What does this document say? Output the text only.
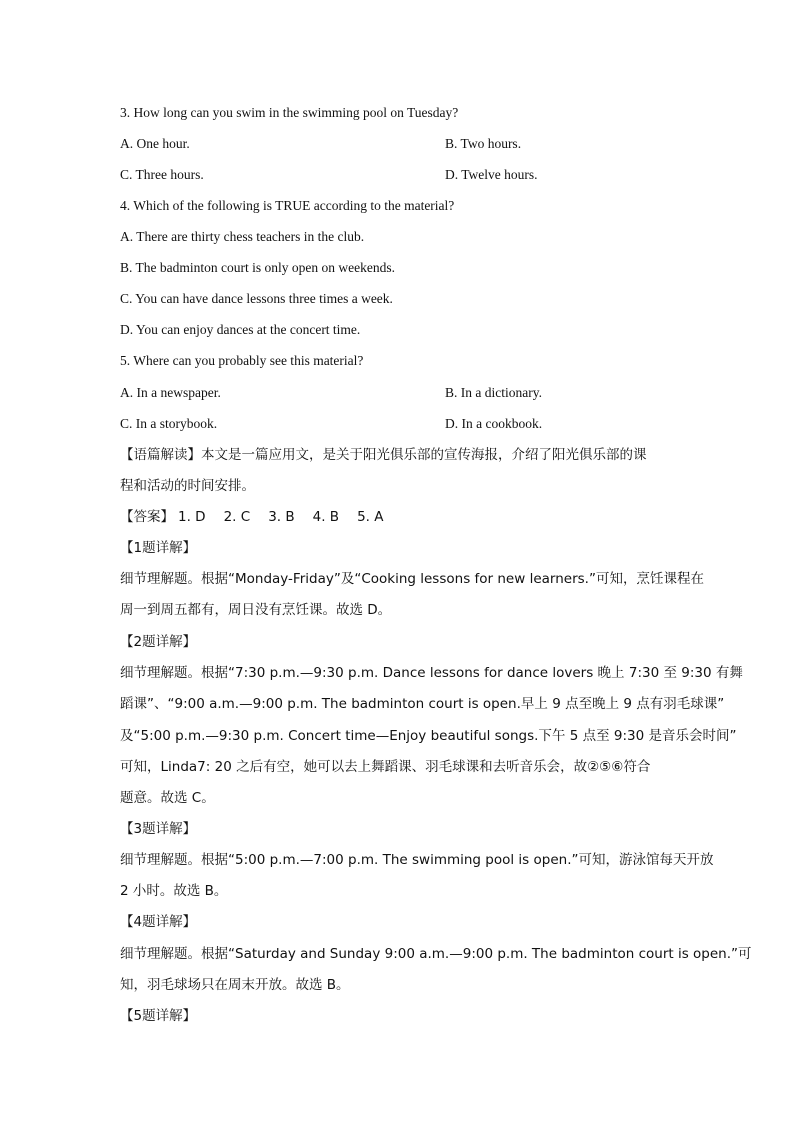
3. How long can you swim in the swimming pool on Tuesday?
A. One hour.	B. Two hours.
C. Three hours.	D. Twelve hours.
4. Which of the following is TRUE according to the material?
A. There are thirty chess teachers in the club.
B. The badminton court is only open on weekends.
C. You can have dance lessons three times a week.
D. You can enjoy dances at the concert time.
5. Where can you probably see this material?
A. In a newspaper.	B. In a dictionary.
C. In a storybook.	D. In a cookbook.
【语篇解读】本文是一篇应用文，是关于阳光俱乐部的宣传海报，介绍了阳光俱乐部的课
程和活动的时间安排。
【答案】 1. D 2. C 3. B 4. B 5. A
【1题详解】
细节理解题。根据“Monday-Friday”及“Cooking lessons for new learners.”可知，烹饪课程在
周一到周五都有，周日没有烹饪课。故选 D。
【2题详解】
细节理解题。根据“7:30 p.m.—9:30 p.m. Dance lessons for dance lovers 晚上 7:30 至 9:30 有舞
蹈课”、“9:00 a.m.—9:00 p.m. The badminton court is open.早上 9 点至晚上 9 点有羽毛球课”
及“5:00 p.m.—9:30 p.m. Concert time—Enjoy beautiful songs.下午 5 点至 9:30 是音乐会时间”
可知，Linda7: 20 之后有空，她可以去上舞蹈课、羽毛球课和去听音乐会，故②⑤⑥符合
题意。故选 C。
【3题详解】
细节理解题。根据“5:00 p.m.—7:00 p.m. The swimming pool is open.”可知，游泳馆每天开放
2 小时。故选 B。
【4题详解】
细节理解题。根据“Saturday and Sunday 9:00 a.m.—9:00 p.m. The badminton court is open.”可
知，羽毛球场只在周末开放。故选 B。
【5题详解】
